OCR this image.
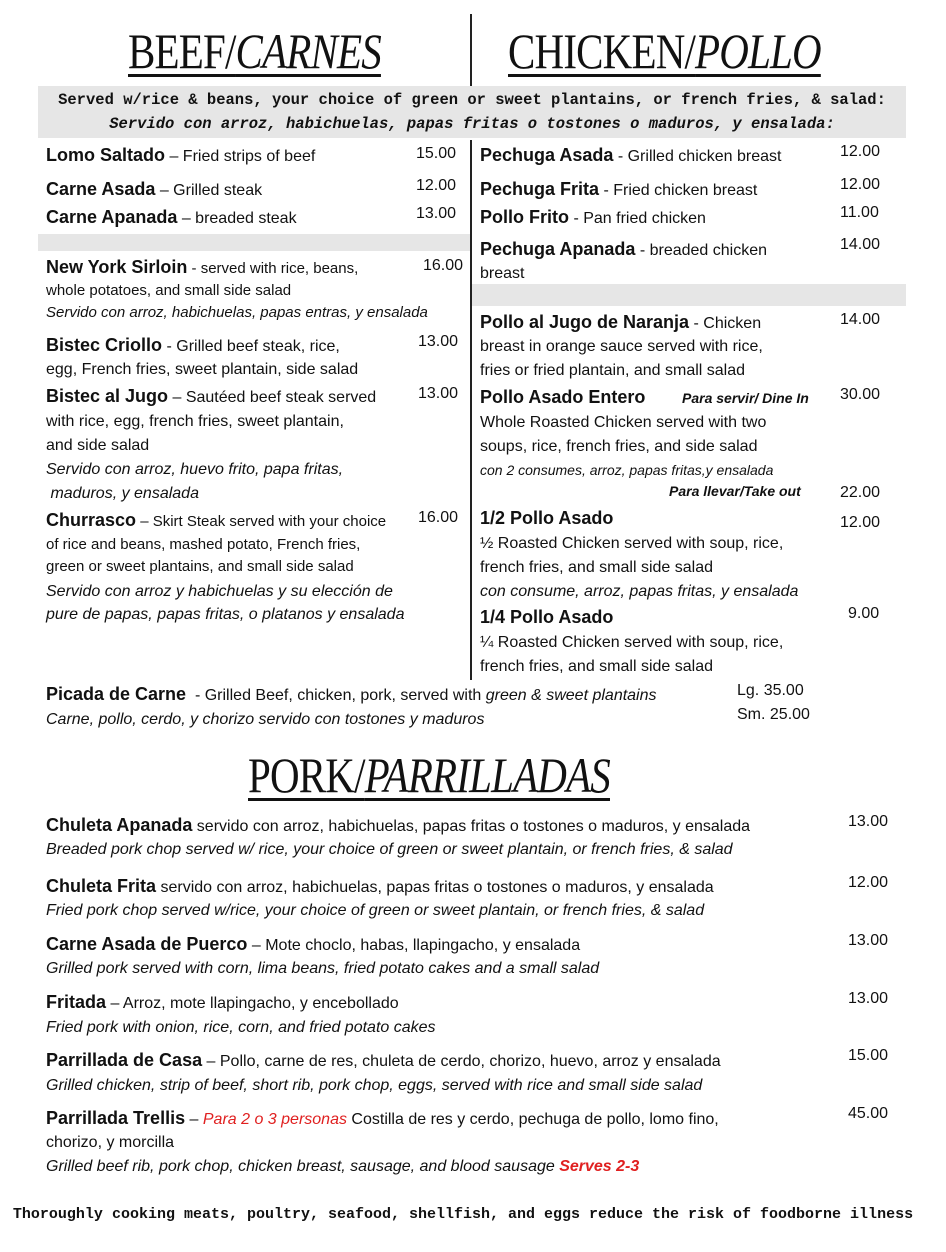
BEEF/CARNES	CHICKEN/POLLO
Served w/rice & beans, your choice of green or sweet plantains, or french fries, & salad:
Servido con arroz, habichuelas, papas fritas o tostones o maduros, y ensalada:
Lomo Saltado – Fried strips of beef	15.00
Carne Asada – Grilled steak	12.00
Carne Apanada – breaded steak	13.00
New York Sirloin - served with rice, beans,	16.00
whole potatoes, and small side salad
Servido con arroz, habichuelas, papas entras, y ensalada
Bistec Criollo - Grilled beef steak, rice,	13.00
egg, French fries, sweet plantain, side salad
Bistec al Jugo – Sautéed beef steak served	13.00
with rice, egg, french fries, sweet plantain,
and side salad
Servido con arroz, huevo frito, papa fritas,
maduros, y ensalada
Churrasco – Skirt Steak served with your choice 16.00
of rice and beans, mashed potato, French fries,
green or sweet plantains, and small side salad
Servido con arroz y habichuelas y su elección de
pure de papas, papas fritas, o platanos y ensalada
Pechuga Asada - Grilled chicken breast	12.00
Pechuga Frita - Fried chicken breast	12.00
Pollo Frito - Pan fried chicken	11.00
Pechuga Apanada - breaded chicken	14.00
breast
Pollo al Jugo de Naranja - Chicken	14.00
breast in orange sauce served with rice,
fries or fried plantain, and small salad
Pollo Asado Entero	Para servir/ Dine In 30.00
Whole Roasted Chicken served with two
soups, rice, french fries, and side salad
con 2 consumes, arroz, papas fritas,y ensalada
Para llevar/Take out 22.00
1/2 Pollo Asado	12.00
½ Roasted Chicken served with soup, rice,
french fries, and small side salad
con consume, arroz, papas fritas, y ensalada
1/4 Pollo Asado	9.00
¼ Roasted Chicken served with soup, rice,
french fries, and small side salad
Picada de Carne  - Grilled Beef, chicken, pork, served with green & sweet plantains
Carne, pollo, cerdo, y chorizo servido con tostones y maduros
Lg. 35.00
Sm. 25.00
PORK/PARRILLADAS
Chuleta Apanada servido con arroz, habichuelas, papas fritas o tostones o maduros, y ensalada	13.00
Breaded pork chop served w/ rice, your choice of green or sweet plantain, or french fries, & salad
Chuleta Frita servido con arroz, habichuelas, papas fritas o tostones o maduros, y ensalada	12.00
Fried pork chop served w/rice, your choice of green or sweet plantain, or french fries, & salad
Carne Asada de Puerco – Mote choclo, habas, llapingacho, y ensalada	13.00
Grilled pork served with corn, lima beans, fried potato cakes and a small salad
Fritada – Arroz, mote llapingacho, y encebollado	13.00
Fried pork with onion, rice, corn, and fried potato cakes
Parrillada de Casa – Pollo, carne de res, chuleta de cerdo, chorizo, huevo, arroz y ensalada	15.00
Grilled chicken, strip of beef, short rib, pork chop, eggs, served with rice and small side salad
Parrillada Trellis – Para 2 o 3 personas Costilla de res y cerdo, pechuga de pollo, lomo fino,	45.00
chorizo, y morcilla
Grilled beef rib, pork chop, chicken breast, sausage, and blood sausage Serves 2-3
Thoroughly cooking meats, poultry, seafood, shellfish, and eggs reduce the risk of foodborne illness
